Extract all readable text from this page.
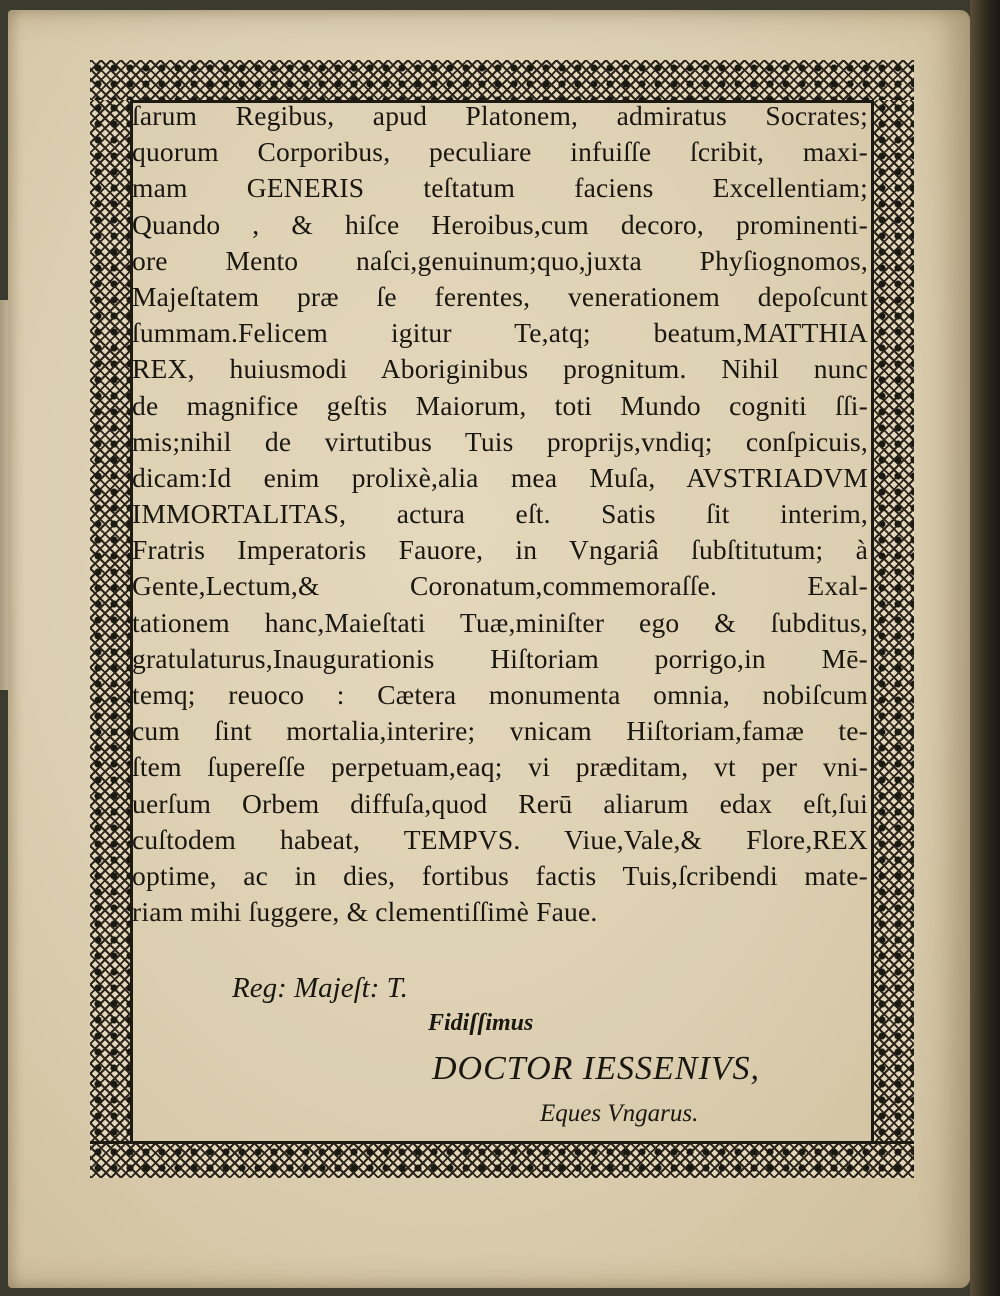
ſarum Regibus, apud Platonem, admiratus Socrates;
quorum Corporibus, peculiare infuiſſe ſcribit, maxi-
mam GENERIS teſtatum faciens Excellentiam;
Quando , & hiſce Heroibus,cum decoro, prominenti-
ore Mento naſci,genuinum;quo,juxta Phyſiognomos,
Majeſtatem præ ſe ferentes, venerationem depoſcunt
ſummam.Felicem igitur Te,atq; beatum,MATTHIA
REX, huiusmodi Aboriginibus prognitum. Nihil nunc
de magnifice geſtis Maiorum, toti Mundo cogniti ſſi-
mis;nihil de virtutibus Tuis proprijs,vndiq; conſpicuis,
dicam:Id enim prolixè,alia mea Muſa, AVSTRIADVM
IMMORTALITAS, actura eſt. Satis ſit interim,
Fratris Imperatoris Fauore, in Vngariâ ſubſtitutum; à
Gente,Lectum,& Coronatum,commemoraſſe. Exal-
tationem hanc,Maieſtati Tuæ,miniſter ego & ſubditus,
gratulaturus,Inaugurationis Hiſtoriam porrigo,in Mē-
temq; reuoco : Cætera monumenta omnia, nobiſcum
cum ſint mortalia,interire; vnicam Hiſtoriam,famæ te-
ſtem ſupereſſe perpetuam,eaq; vi præditam, vt per vni-
uerſum Orbem diffuſa,quod Rerū aliarum edax eſt,ſui
cuſtodem habeat, TEMPVS. Viue,Vale,& Flore,REX
optime, ac in dies, fortibus factis Tuis,ſcribendi mate-
riam mihi ſuggere, & clementiſſimè Faue.
Reg: Majeſt: T.
Fidiſſimus
DOCTOR IESSENIVS,
Eques Vngarus.
